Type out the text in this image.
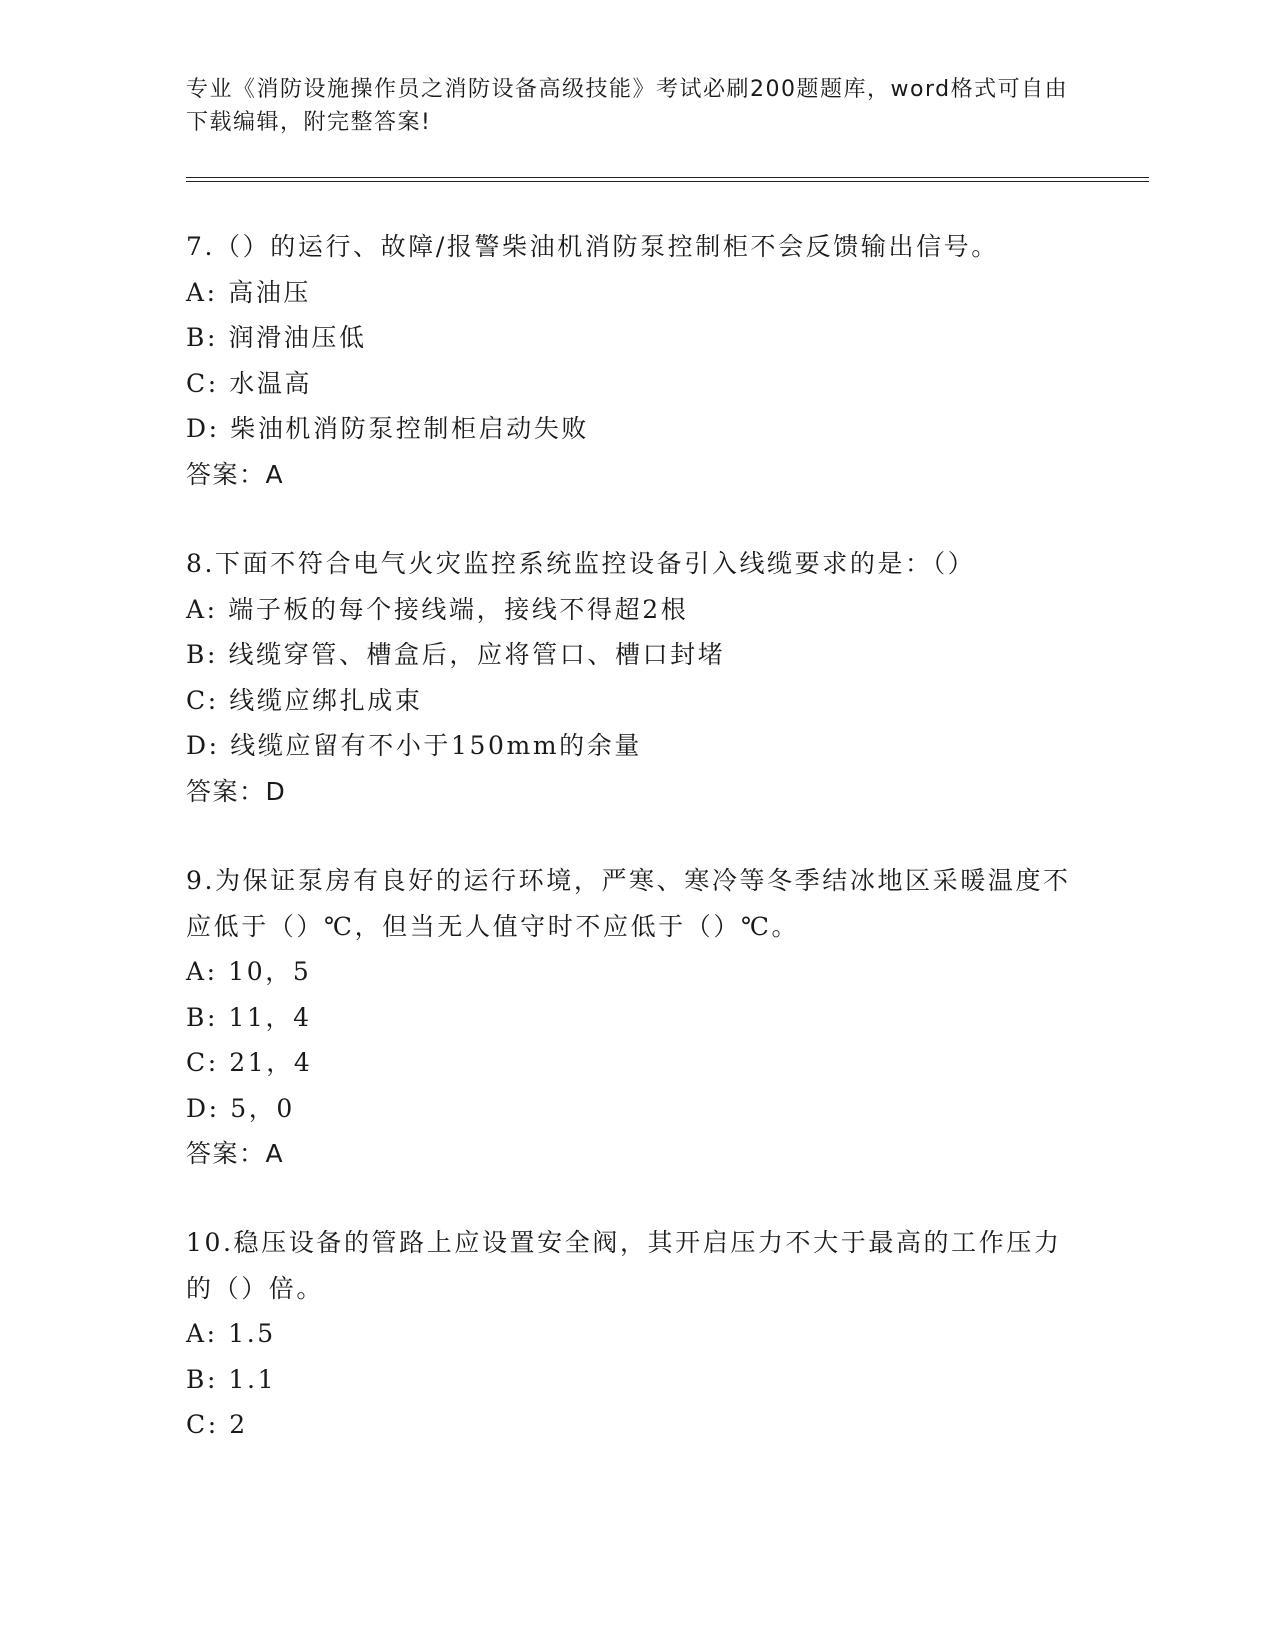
专业《消防设施操作员之消防设备高级技能》考试必刷200题题库，word格式可自由下载编辑，附完整答案!

7.（）的运行、故障/报警柴油机消防泵控制柜不会反馈输出信号。

A: 高油压

B: 润滑油压低

C: 水温高

D: 柴油机消防泵控制柜启动失败

答案：A

8.下面不符合电气火灾监控系统监控设备引入线缆要求的是：（）

A: 端子板的每个接线端，接线不得超2根

B: 线缆穿管、槽盒后，应将管口、槽口封堵

C: 线缆应绑扎成束

D: 线缆应留有不小于150mm的余量

答案：D

9.为保证泵房有良好的运行环境，严寒、寒冷等冬季结冰地区采暖温度不应低于（）℃，但当无人值守时不应低于（）℃。

A: 10，5

B: 11，4

C: 21，4

D: 5，0

答案：A

10.稳压设备的管路上应设置安全阀，其开启压力不大于最高的工作压力的（）倍。

A: 1.5

B: 1.1

C: 2
